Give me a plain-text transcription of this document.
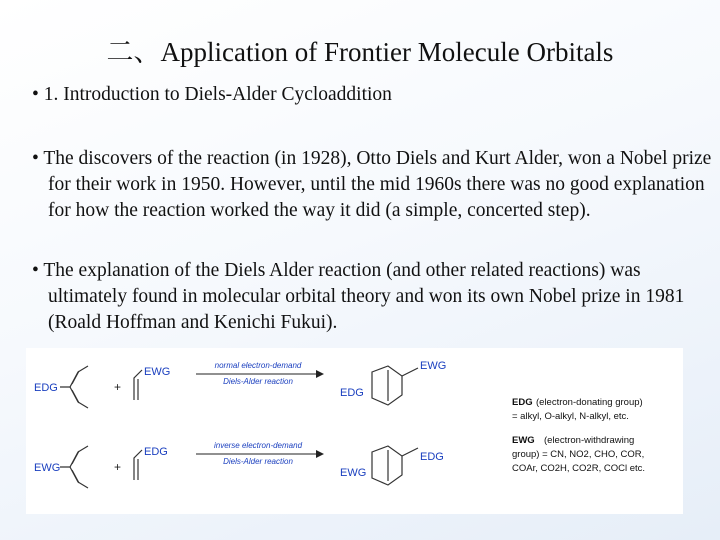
二、Application of Frontier Molecule Orbitals
• 1. Introduction to Diels-Alder Cycloaddition
• The discovers of the reaction (in 1928), Otto Diels and Kurt Alder, won a Nobel prize for their work in 1950. However, until the mid 1960s there was no good explanation for how the reaction worked the way it did (a simple, concerted step).
• The explanation of the Diels Alder reaction (and other related reactions) was ultimately found in molecular orbital theory and won its own Nobel prize in 1981 (Roald Hoffman and Kenichi Fukui).
EDG	+
EWG
normal electron-demand
Diels-Alder reaction
EDG
EWG
EWG	+
EDG
inverse electron-demand
Diels-Alder reaction
EWG
EDG
EDG (electron-donating group)
= alkyl, O-alkyl, N-alkyl, etc.
EWG (electron-withdrawing
group) = CN, NO2, CHO, COR,
COAr, CO2H, CO2R, COCl etc.
